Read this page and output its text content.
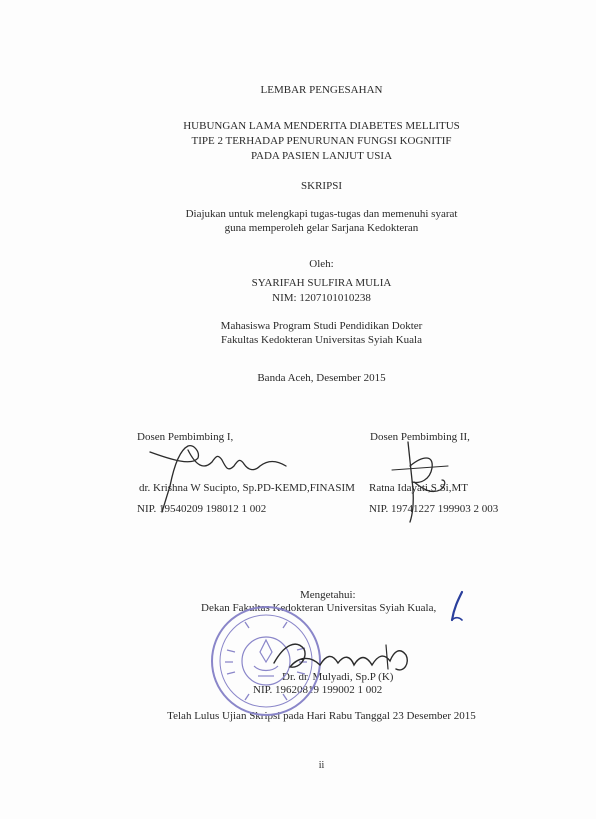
LEMBAR PENGESAHAN
HUBUNGAN LAMA MENDERITA DIABETES MELLITUS
TIPE 2 TERHADAP PENURUNAN FUNGSI KOGNITIF
PADA PASIEN LANJUT USIA
SKRIPSI
Diajukan untuk melengkapi tugas-tugas dan memenuhi syarat
guna memperoleh gelar Sarjana Kedokteran
Oleh:
SYARIFAH SULFIRA MULIA
NIM: 1207101010238
Mahasiswa Program Studi Pendidikan Dokter
Fakultas Kedokteran Universitas Syiah Kuala
Banda Aceh, Desember 2015
Dosen Pembimbing I,	Dosen Pembimbing II,
dr. Krishna W Sucipto, Sp.PD-KEMD,FINASIM Ratna Idayati,S.Si,MT
NIP. 19540209 198012 1 002	NIP. 19741227 199903 2 003
Mengetahui:
Dekan Fakultas Kedokteran Universitas Syiah Kuala,
Dr. dr. Mulyadi, Sp.P (K)
NIP. 19620819 199002 1 002
Telah Lulus Ujian Skripsi pada Hari Rabu Tanggal 23 Desember 2015
ii
